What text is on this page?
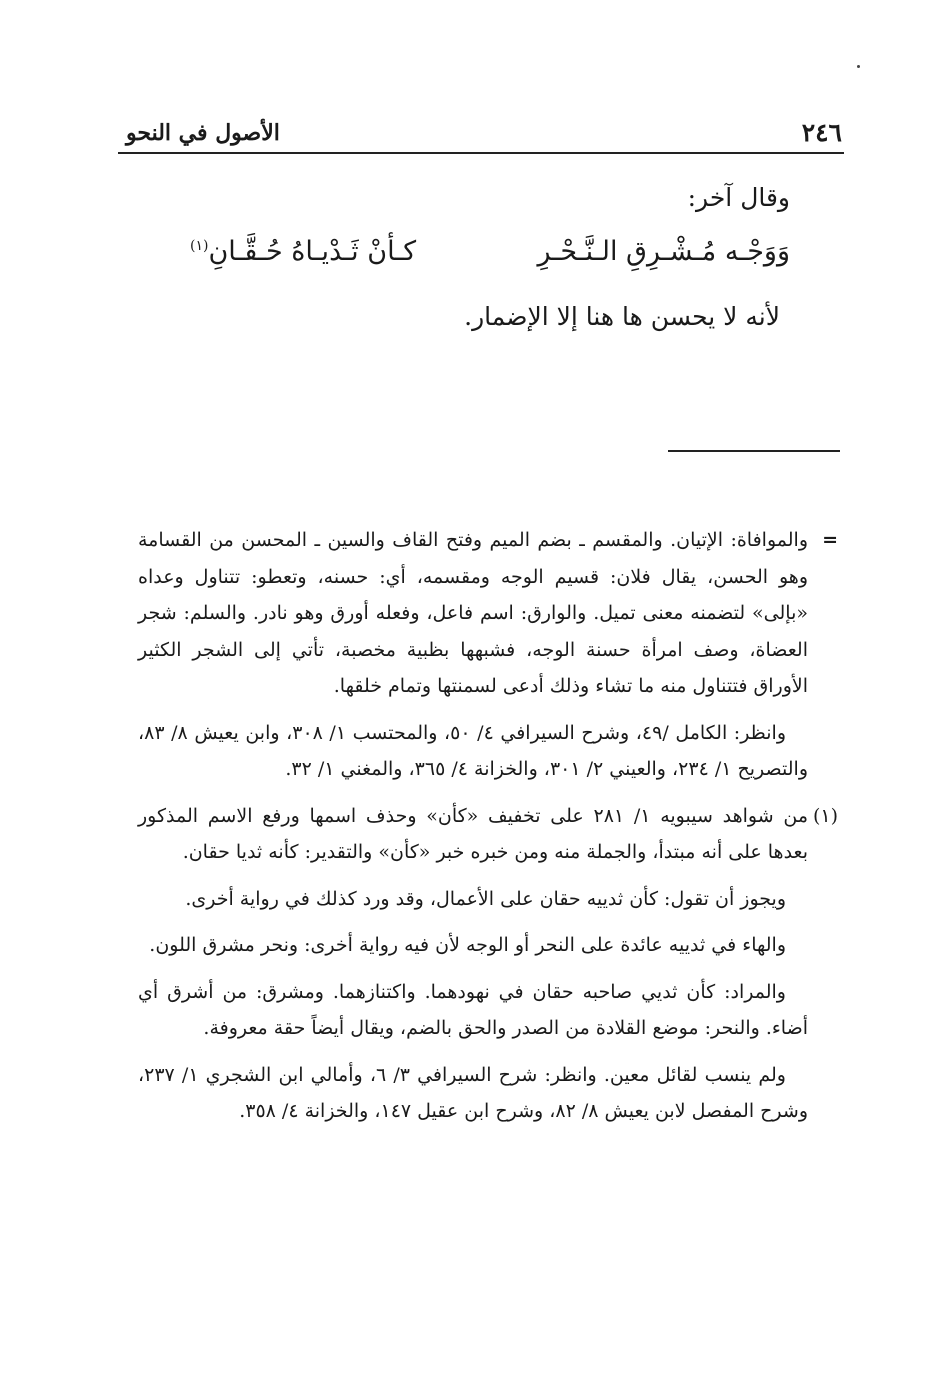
٢٤٦
الأصول في النحو
وقال آخر:
وَوَجْـه مُـشْـرِقِ الـنَّـحْـرِ
كـأنْ ثَـدْيـاهُ حُـقَّـانِ$^{(١)}$
لأنه لا يحسن ها هنا إلا الإضمار.

=والموافاة: الإتيان. والمقسم ـ بضم الميم وفتح القاف والسين ـ المحسن من القسامة وهو الحسن، يقال فلان: قسيم الوجه ومقسمه، أي: حسنه، وتعطو: تتناول وعداه «بإلى» لتضمنه معنى تميل. والوارق: اسم فاعل، وفعله أورق وهو نادر. والسلم: شجر العضاة، وصف امرأة حسنة الوجه، فشبهها بظبية مخصبة، تأتي إلى الشجر الكثير الأوراق فتتناول منه ما تشاء وذلك أدعى لسمنتها وتمام خلقها.

وانظر: الكامل /٤٩، وشرح السيرافي ٤/ ٥٠، والمحتسب ١/ ٣٠٨، وابن يعيش ٨/ ٨٣، والتصريح ١/ ٢٣٤، والعيني ٢/ ٣٠١، والخزانة ٤/ ٣٦٥، والمغني ١/ ٣٢.

(١)من شواهد سيبويه ١/ ٢٨١ على تخفيف «كأن» وحذف اسمها ورفع الاسم المذكور بعدها على أنه مبتدأ، والجملة منه ومن خبره خبر «كأن» والتقدير: كأنه ثديا حقان.

ويجوز أن تقول: كأن ثدييه حقان على الأعمال، وقد ورد كذلك في رواية أخرى.

والهاء في ثدييه عائدة على النحر أو الوجه لأن فيه رواية أخرى: ونحر مشرق اللون.

والمراد: كأن ثديي صاحبه حقان في نهودهما. واكتنازهما. ومشرق: من أشرق أي أضاء. والنحر: موضع القلادة من الصدر والحق بالضم، ويقال أيضاً حقة معروفة.

ولم ينسب لقائل معين. وانظر: شرح السيرافي ٣/ ٦، وأمالي ابن الشجري ١/ ٢٣٧، وشرح المفصل لابن يعيش ٨/ ٨٢، وشرح ابن عقيل ١٤٧، والخزانة ٤/ ٣٥٨.
